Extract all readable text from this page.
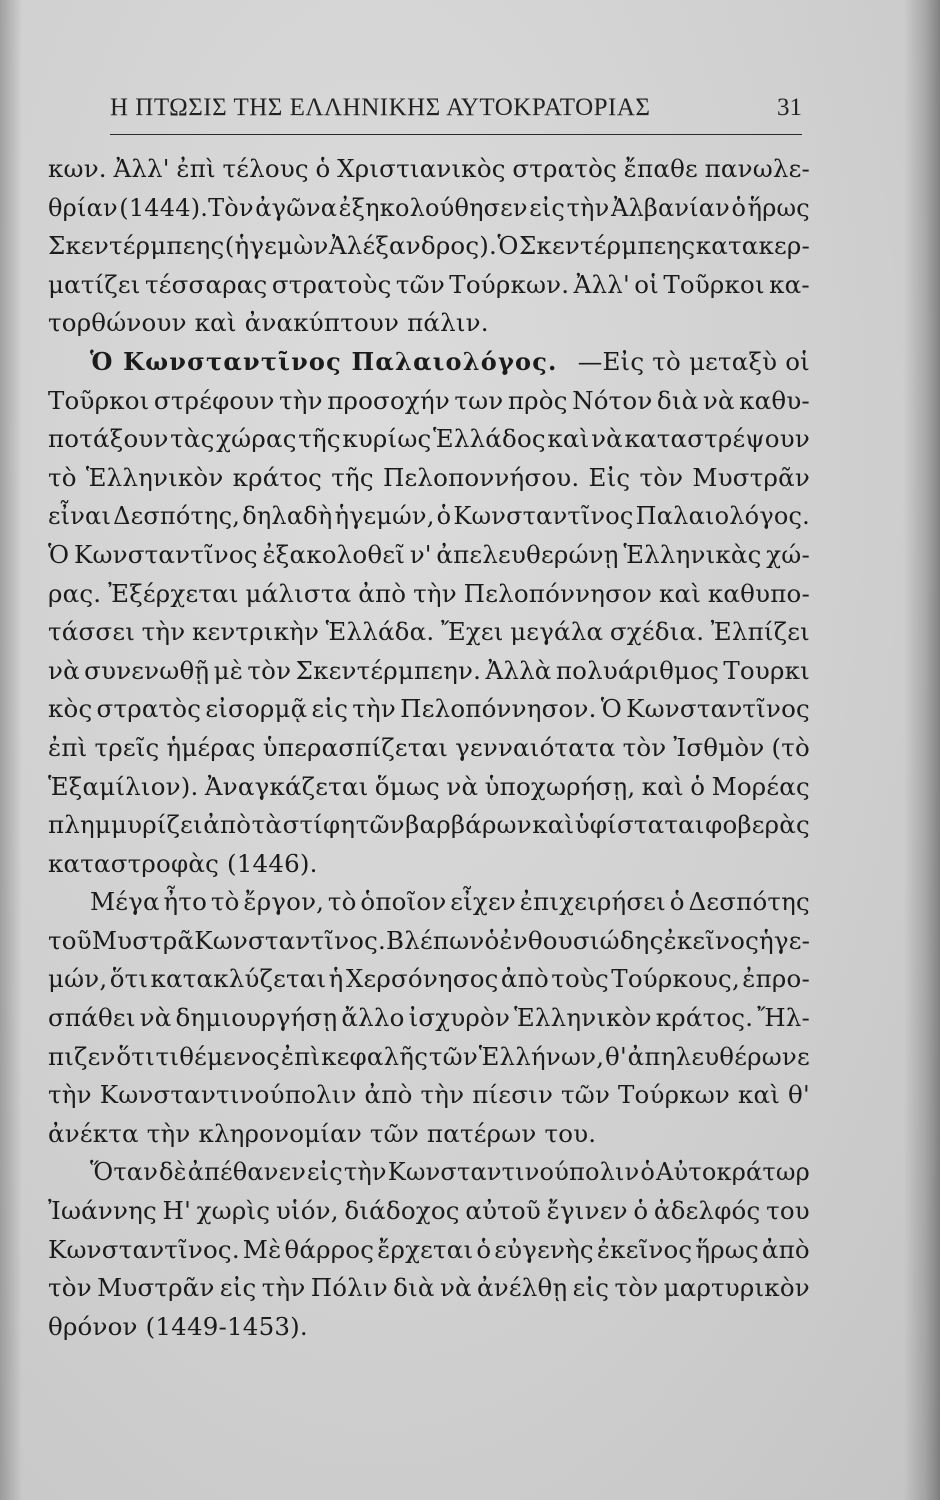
Η ΠΤΩΣΙΣ ΤΗΣ ΕΛΛΗΝΙΚΗΣ ΑΥΤΟΚΡΑΤΟΡΙΑΣ	31
κων. Ἀλλ' ἐπὶ τέλους ὁ Χριστιανικὸς στρατὸς ἔπαθε πανωλε-
θρίαν (1444).Τὸν ἀγῶνα ἐξηκολούθησεν εἰς τὴν Ἀλβανίαν ὁ ἥρως
Σκεντέρμπεης (ἡγεμὼν Ἀλέξανδρος). Ὁ Σκεντέρμπεης κατακερ-
ματίζει τέσσαρας στρατοὺς τῶν Τούρκων. Ἀλλ' οἱ Τοῦρκοι κα-
τορθώνουν καὶ ἀνακύπτουν πάλιν.
Ὁ Κωνσταντῖνος Παλαιολόγος. —Εἰς τὸ μεταξὺ οἱ
Τοῦρκοι στρέφουν τὴν προσοχήν των πρὸς Νότον διὰ νὰ καθυ-
ποτάξουν τὰς χώρας τῆς κυρίως Ἑλλάδος καὶ νὰ καταστρέψουν
τὸ Ἑλληνικὸν κράτος τῆς Πελοποννήσου. Εἰς τὸν Μυστρᾶν
εἶναι Δεσπότης, δηλαδὴ ἡγεμών, ὁ Κωνσταντῖνος Παλαιολόγος.
Ὁ Κωνσταντῖνος ἐξακολοθεῖ ν' ἀπελευθερώνῃ Ἑλληνικὰς χώ-
ρας. Ἐξέρχεται μάλιστα ἀπὸ τὴν Πελοπόννησον καὶ καθυπο-
τάσσει τὴν κεντρικὴν Ἑλλάδα. Ἔχει μεγάλα σχέδια. Ἐλπίζει
νὰ συνενωθῇ μὲ τὸν Σκεντέρμπεην. Ἀλλὰ πολυάριθμος Τουρκι
κὸς στρατὸς εἰσορμᾷ εἰς τὴν Πελοπόννησον. Ὁ Κωνσταντῖνος
ἐπὶ τρεῖς ἡμέρας ὑπερασπίζεται γενναιότατα τὸν Ἰσθμὸν (τὸ
Ἑξαμίλιον). Ἀναγκάζεται ὅμως νὰ ὑποχωρήσῃ, καὶ ὁ Μορέας
πλημμυρίζει ἀπὸ τὰ στίφη τῶν βαρβάρων καὶ ὑφίσταται φοβερὰς
καταστροφὰς (1446).
Μέγα ἦτο τὸ ἔργον, τὸ ὁποῖον εἶχεν ἐπιχειρήσει ὁ Δεσπότης
τοῦ Μυστρᾶ Κωνσταντῖνος. Βλέπων ὁ ἐνθουσιώδης ἐκεῖνος ἡγε-
μών, ὅτι κατακλύζεται ἡ Χερσόνησος ἀπὸ τοὺς Τούρκους, ἐπρο-
σπάθει νὰ δημιουργήσῃ ἄλλο ἰσχυρὸν Ἑλληνικὸν κράτος. Ἤλ-
πιζεν ὅτι τιθέμενος ἐπὶ κεφαλῆς τῶν Ἑλλήνων, θ' ἀπηλευθέρωνε
τὴν Κωνσταντινούπολιν ἀπὸ τὴν πίεσιν τῶν Τούρκων καὶ θ'
ἀνέκτα τὴν κληρονομίαν τῶν πατέρων του.
Ὅταν δὲ ἀπέθανεν εἰς τὴν Κωνσταντινούπολιν ὁ Αὐτοκράτωρ
Ἰωάννης Η' χωρὶς υἱόν, διάδοχος αὐτοῦ ἔγινεν ὁ ἀδελφός του
Κωνσταντῖνος. Μὲ θάρρος ἔρχεται ὁ εὐγενὴς ἐκεῖνος ἥρως ἀπὸ
τὸν Μυστρᾶν εἰς τὴν Πόλιν διὰ νὰ ἀνέλθῃ εἰς τὸν μαρτυρικὸν
θρόνον (1449-1453).
